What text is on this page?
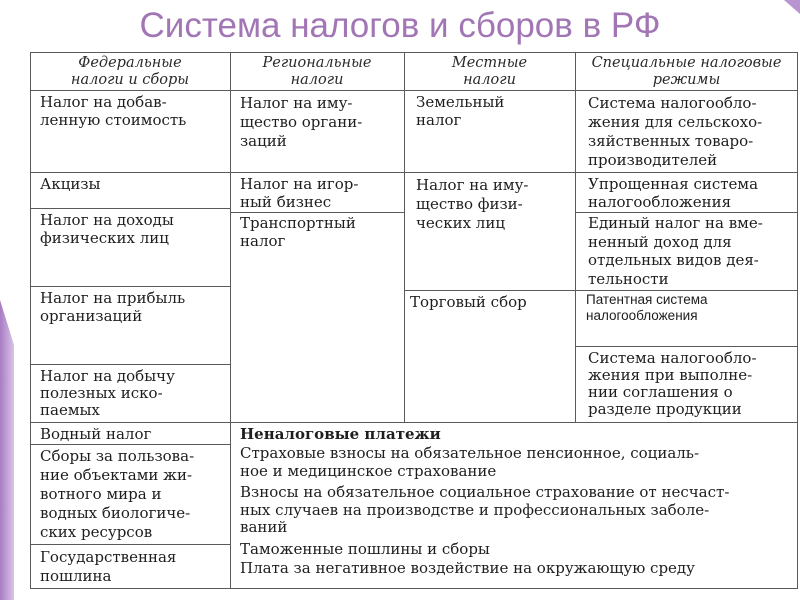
Система налогов и сборов в РФ
Федеральные
налоги и сборы
Региональные
налоги
Местные
налоги
Специальные налоговые
режимы
Налог на добав-
ленную стоимость
Акцизы
Налог на доходы
физических лиц
Налог на прибыль
организаций
Налог на добычу
полезных иско-
паемых
Водный налог
Сборы за пользова-
ние объектами жи-
вотного мира и
водных биологиче-
ских ресурсов
Государственная
пошлина
Налог на иму-
щество органи-
заций
Налог на игор-
ный бизнес
Транспортный
налог
Земельный
налог
Налог на иму-
щество физи-
ческих лиц
Торговый сбор
Система налогообло-
жения для сельскохо-
зяйственных товаро-
производителей
Упрощенная система
налогообложения
Единый налог на вме-
ненный доход для
отдельных видов дея-
тельности
Патентная система
налогообложения
Система налогообло-
жения при выполне-
нии соглашения о
разделе продукции
Неналоговые платежи
Страховые взносы на обязательное пенсионное, социаль-
ное и медицинское страхование
Взносы на обязательное социальное страхование от несчаст-
ных случаев на производстве и профессиональных заболе-
ваний
Таможенные пошлины и сборы
Плата за негативное воздействие на окружающую среду
